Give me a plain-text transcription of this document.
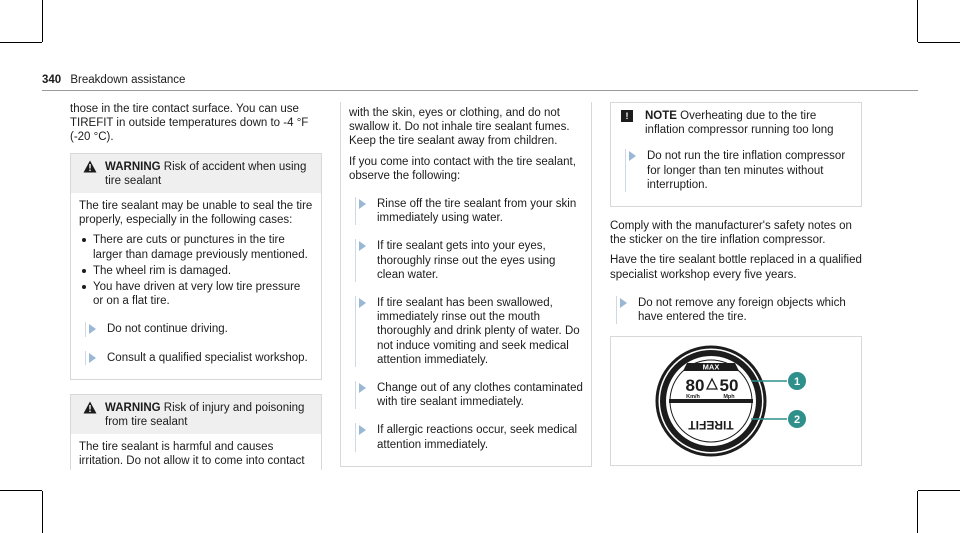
340 Breakdown assistance

those in the tire contact surface. You can use TIREFIT in outside temperatures down to -4 °F (-20 °C).

WARNING Risk of accident when using tire sealant

The tire sealant may be unable to seal the tire properly, especially in the following cases:

There are cuts or punctures in the tire larger than damage previously mentioned.
The wheel rim is damaged.
You have driven at very low tire pressure or on a flat tire.
Do not continue driving.
Consult a qualified specialist workshop.
WARNING Risk of injury and poisoning from tire sealant

The tire sealant is harmful and causes irritation. Do not allow it to come into contact

with the skin, eyes or clothing, and do not swallow it. Do not inhale tire sealant fumes. Keep the tire sealant away from children.

If you come into contact with the tire sealant, observe the following:

Rinse off the tire sealant from your skin immediately using water.
If tire sealant gets into your eyes, thoroughly rinse out the eyes using clean water.
If tire sealant has been swallowed, immediately rinse out the mouth thoroughly and drink plenty of water. Do not induce vomiting and seek medical attention immediately.
Change out of any clothes contaminated with tire sealant immediately.
If allergic reactions occur, seek medical attention immediately.
!	NOTE Overheating due to the tire inflation compressor running too long
Do not run the tire inflation compressor for longer than ten minutes without interruption.

Comply with the manufacturer's safety notes on the sticker on the tire inflation compressor.

Have the tire sealant bottle replaced in a qualified specialist workshop every five years.

Do not remove any foreign objects which have entered the tire.
MAX
80 50
Km/h	Mph
TIREFIT
1
2
